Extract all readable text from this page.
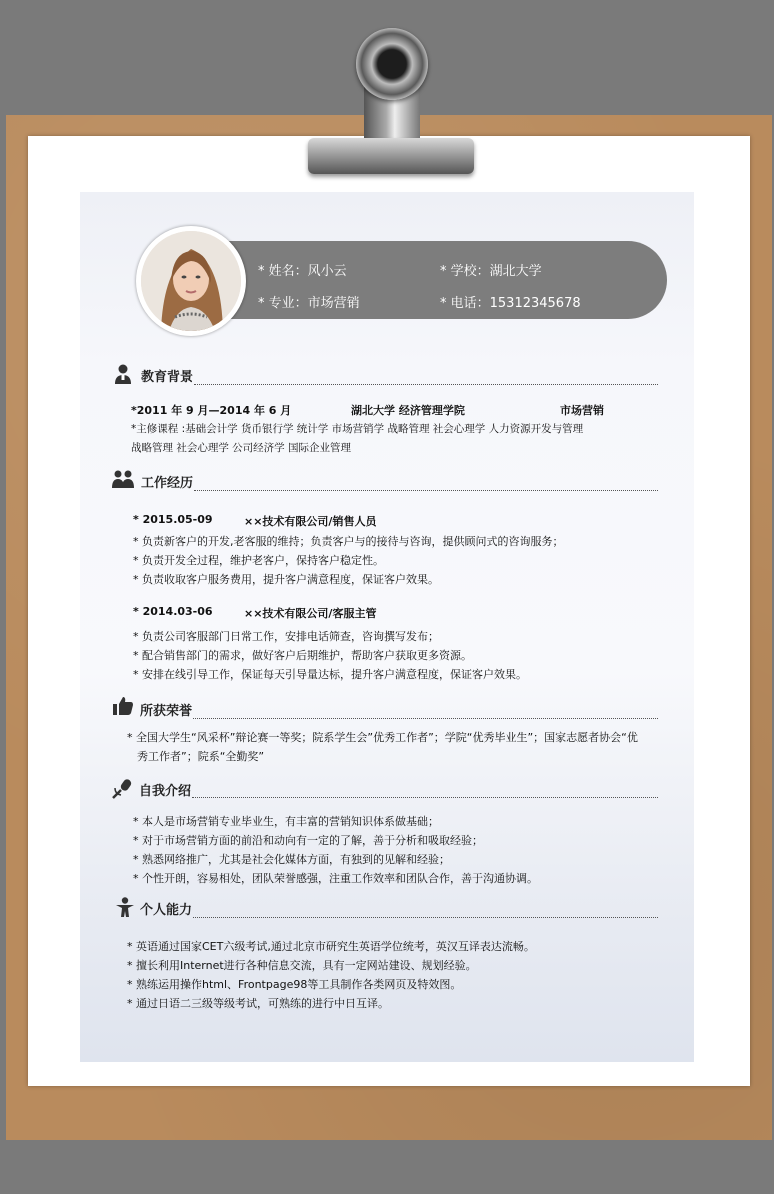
* 姓名：风小云	* 学校：湖北大学
* 专业：市场营销	* 电话：15312345678
教育背景
*2011 年 9 月—2014 年 6 月	湖北大学 经济管理学院	市场营销
*主修课程 :基础会计学 货币银行学 统计学 市场营销学 战略管理 社会心理学 人力资源开发与管理
战略管理 社会心理学 公司经济学 国际企业管理
工作经历
* 2015.05-09	××技术有限公司/销售人员
* 负责新客户的开发,老客服的维持；负责客户与的接待与咨询，提供顾问式的咨询服务；
* 负责开发全过程，维护老客户，保持客户稳定性。
* 负责收取客户服务费用，提升客户满意程度，保证客户效果。
* 2014.03-06	××技术有限公司/客服主管
* 负责公司客服部门日常工作，安排电话筛查，咨询撰写发布；
* 配合销售部门的需求，做好客户后期维护，帮助客户获取更多资源。
* 安排在线引导工作，保证每天引导量达标，提升客户满意程度，保证客户效果。
所获荣誉
* 全国大学生“风采杯”辩论赛一等奖；院系学生会”优秀工作者”；学院“优秀毕业生”；国家志愿者协会“优
秀工作者”；院系“全勤奖”
自我介绍
* 本人是市场营销专业毕业生，有丰富的营销知识体系做基础；
* 对于市场营销方面的前沿和动向有一定的了解，善于分析和吸取经验；
* 熟悉网络推广，尤其是社会化媒体方面，有独到的见解和经验；
* 个性开朗，容易相处，团队荣誉感强，注重工作效率和团队合作，善于沟通协调。
个人能力
* 英语通过国家CET六级考试,通过北京市研究生英语学位统考，英汉互译表达流畅。
* 擅长利用Internet进行各种信息交流，具有一定网站建设、规划经验。
* 熟练运用操作html、Frontpage98等工具制作各类网页及特效图。
* 通过日语二三级等级考试，可熟练的进行中日互译。
